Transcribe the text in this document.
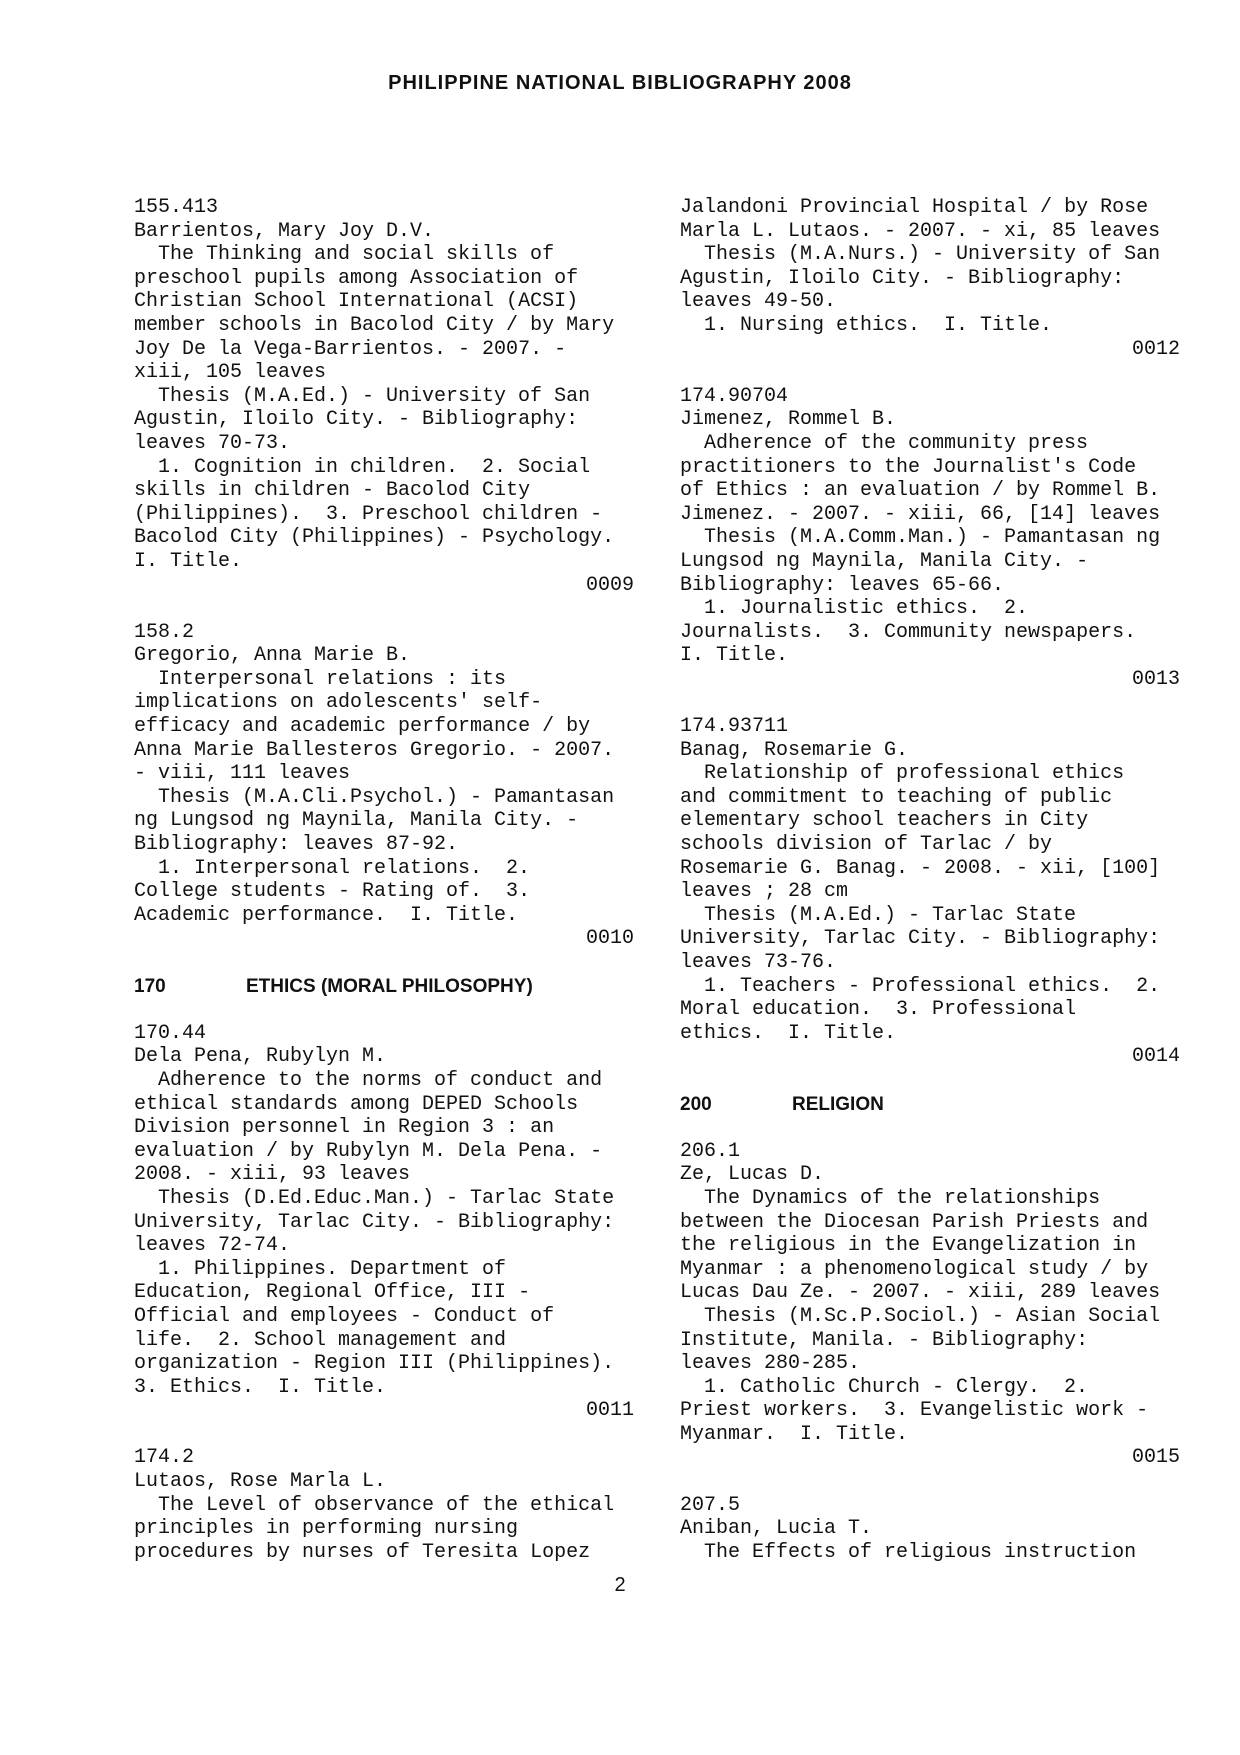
PHILIPPINE NATIONAL BIBLIOGRAPHY 2008
155.413
Barrientos, Mary Joy D.V.
The Thinking and social skills of
preschool pupils among Association of
Christian School International (ACSI)
member schools in Bacolod City / by Mary
Joy De la Vega-Barrientos. - 2007. -
xiii, 105 leaves
Thesis (M.A.Ed.) - University of San
Agustin, Iloilo City. - Bibliography:
leaves 70-73.
1. Cognition in children.  2. Social
skills in children - Bacolod City
(Philippines).  3. Preschool children -
Bacolod City (Philippines) - Psychology.
I. Title.
0009
158.2
Gregorio, Anna Marie B.
Interpersonal relations : its
implications on adolescents' self-
efficacy and academic performance / by
Anna Marie Ballesteros Gregorio. - 2007.
- viii, 111 leaves
Thesis (M.A.Cli.Psychol.) - Pamantasan
ng Lungsod ng Maynila, Manila City. -
Bibliography: leaves 87-92.
1. Interpersonal relations.  2.
College students - Rating of.  3.
Academic performance.  I. Title.
0010
170	ETHICS (MORAL PHILOSOPHY)
170.44
Dela Pena, Rubylyn M.
Adherence to the norms of conduct and
ethical standards among DEPED Schools
Division personnel in Region 3 : an
evaluation / by Rubylyn M. Dela Pena. -
2008. - xiii, 93 leaves
Thesis (D.Ed.Educ.Man.) - Tarlac State
University, Tarlac City. - Bibliography:
leaves 72-74.
1. Philippines. Department of
Education, Regional Office, III -
Official and employees - Conduct of
life.  2. School management and
organization - Region III (Philippines).
3. Ethics.  I. Title.
0011
174.2
Lutaos, Rose Marla L.
The Level of observance of the ethical
principles in performing nursing
procedures by nurses of Teresita Lopez
Jalandoni Provincial Hospital / by Rose
Marla L. Lutaos. - 2007. - xi, 85 leaves
Thesis (M.A.Nurs.) - University of San
Agustin, Iloilo City. - Bibliography:
leaves 49-50.
1. Nursing ethics.  I. Title.
0012
174.90704
Jimenez, Rommel B.
Adherence of the community press
practitioners to the Journalist's Code
of Ethics : an evaluation / by Rommel B.
Jimenez. - 2007. - xiii, 66, [14] leaves
Thesis (M.A.Comm.Man.) - Pamantasan ng
Lungsod ng Maynila, Manila City. -
Bibliography: leaves 65-66.
1. Journalistic ethics.  2.
Journalists.  3. Community newspapers.
I. Title.
0013
174.93711
Banag, Rosemarie G.
Relationship of professional ethics
and commitment to teaching of public
elementary school teachers in City
schools division of Tarlac / by
Rosemarie G. Banag. - 2008. - xii, [100]
leaves ; 28 cm
Thesis (M.A.Ed.) - Tarlac State
University, Tarlac City. - Bibliography:
leaves 73-76.
1. Teachers - Professional ethics.  2.
Moral education.  3. Professional
ethics.  I. Title.
0014
200	RELIGION
206.1
Ze, Lucas D.
The Dynamics of the relationships
between the Diocesan Parish Priests and
the religious in the Evangelization in
Myanmar : a phenomenological study / by
Lucas Dau Ze. - 2007. - xiii, 289 leaves
Thesis (M.Sc.P.Sociol.) - Asian Social
Institute, Manila. - Bibliography:
leaves 280-285.
1. Catholic Church - Clergy.  2.
Priest workers.  3. Evangelistic work -
Myanmar.  I. Title.
0015
207.5
Aniban, Lucia T.
The Effects of religious instruction
2
